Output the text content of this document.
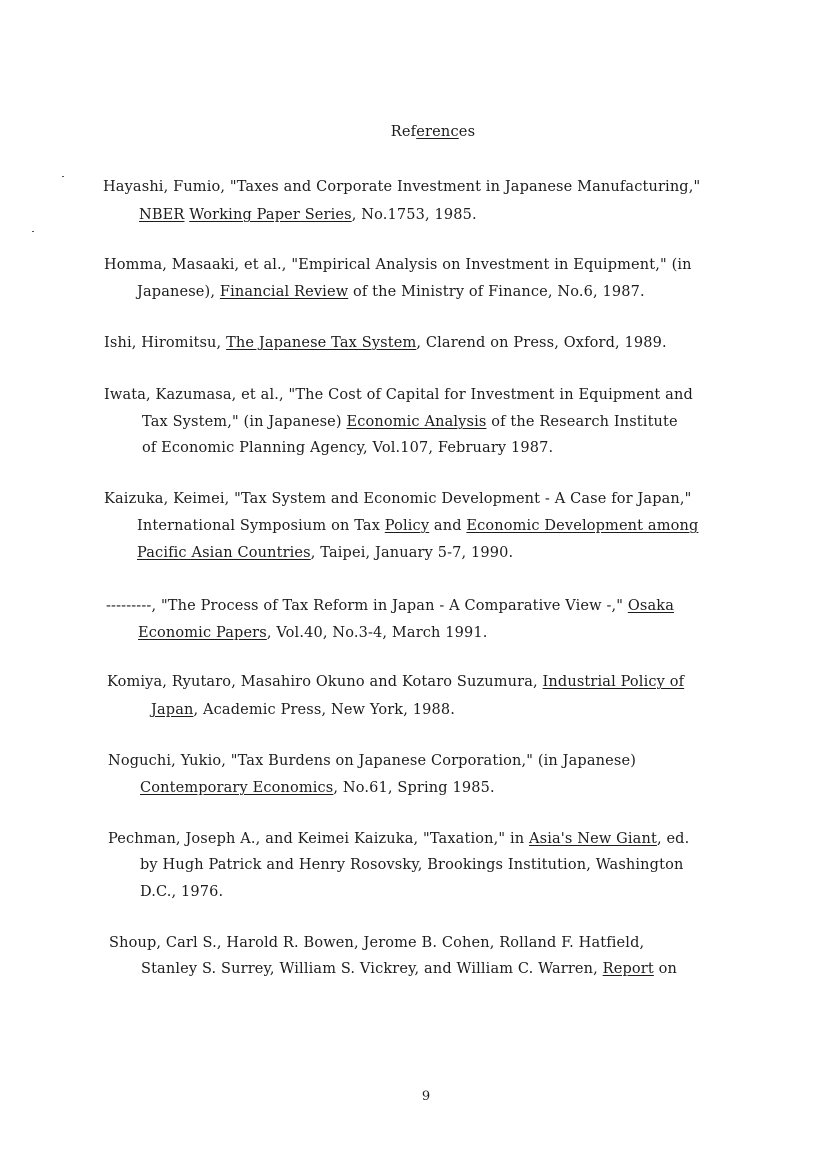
References
Hayashi, Fumio, "Taxes and Corporate Investment in Japanese Manufacturing,"
NBER Working Paper Series, No.1753, 1985.
Homma, Masaaki, et al., "Empirical Analysis on Investment in Equipment," (in
Japanese), Financial Review of the Ministry of Finance, No.6, 1987.
Ishi, Hiromitsu, The Japanese Tax System, Clarend on Press, Oxford, 1989.
Iwata, Kazumasa, et al., "The Cost of Capital for Investment in Equipment and
Tax System," (in Japanese) Economic Analysis of the Research Institute
of Economic Planning Agency, Vol.107, February 1987.
Kaizuka, Keimei, "Tax System and Economic Development - A Case for Japan,"
International Symposium on Tax Policy and Economic Development among
Pacific Asian Countries, Taipei, January 5-7, 1990.
---------, "The Process of Tax Reform in Japan - A Comparative View -," Osaka
Economic Papers, Vol.40, No.3-4, March 1991.
Komiya, Ryutaro, Masahiro Okuno and Kotaro Suzumura, Industrial Policy of
Japan, Academic Press, New York, 1988.
Noguchi, Yukio, "Tax Burdens on Japanese Corporation," (in Japanese)
Contemporary Economics, No.61, Spring 1985.
Pechman, Joseph A., and Keimei Kaizuka, "Taxation," in Asia's New Giant, ed.
by Hugh Patrick and Henry Rosovsky, Brookings Institution, Washington
D.C., 1976.
Shoup, Carl S., Harold R. Bowen, Jerome B. Cohen, Rolland F. Hatfield,
Stanley S. Surrey, William S. Vickrey, and William C. Warren, Report on
9
